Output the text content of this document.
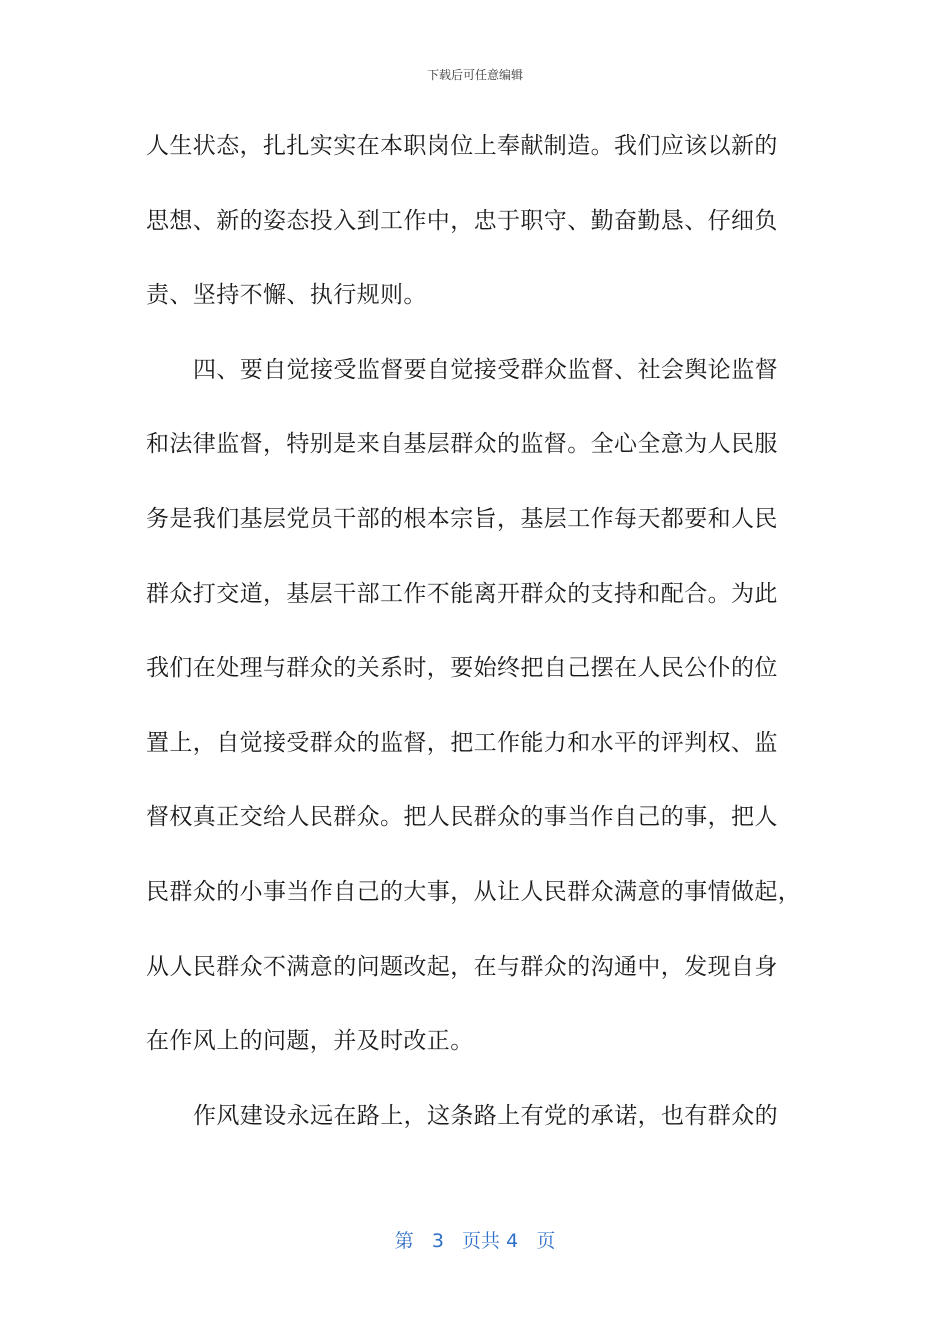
下载后可任意编辑
人生状态，扎扎实实在本职岗位上奉献制造。我们应该以新的
思想、新的姿态投入到工作中，忠于职守、勤奋勤恳、仔细负
责、坚持不懈、执行规则。
四、要自觉接受监督要自觉接受群众监督、社会舆论监督
和法律监督，特别是来自基层群众的监督。全心全意为人民服
务是我们基层党员干部的根本宗旨，基层工作每天都要和人民
群众打交道，基层干部工作不能离开群众的支持和配合。为此
我们在处理与群众的关系时，要始终把自己摆在人民公仆的位
置上，自觉接受群众的监督，把工作能力和水平的评判权、监
督权真正交给人民群众。把人民群众的事当作自己的事，把人
民群众的小事当作自己的大事，从让人民群众满意的事情做起，
从人民群众不满意的问题改起，在与群众的沟通中，发现自身
在作风上的问题，并及时改正。
作风建设永远在路上，这条路上有党的承诺，也有群众的
第 3 页共 4 页
